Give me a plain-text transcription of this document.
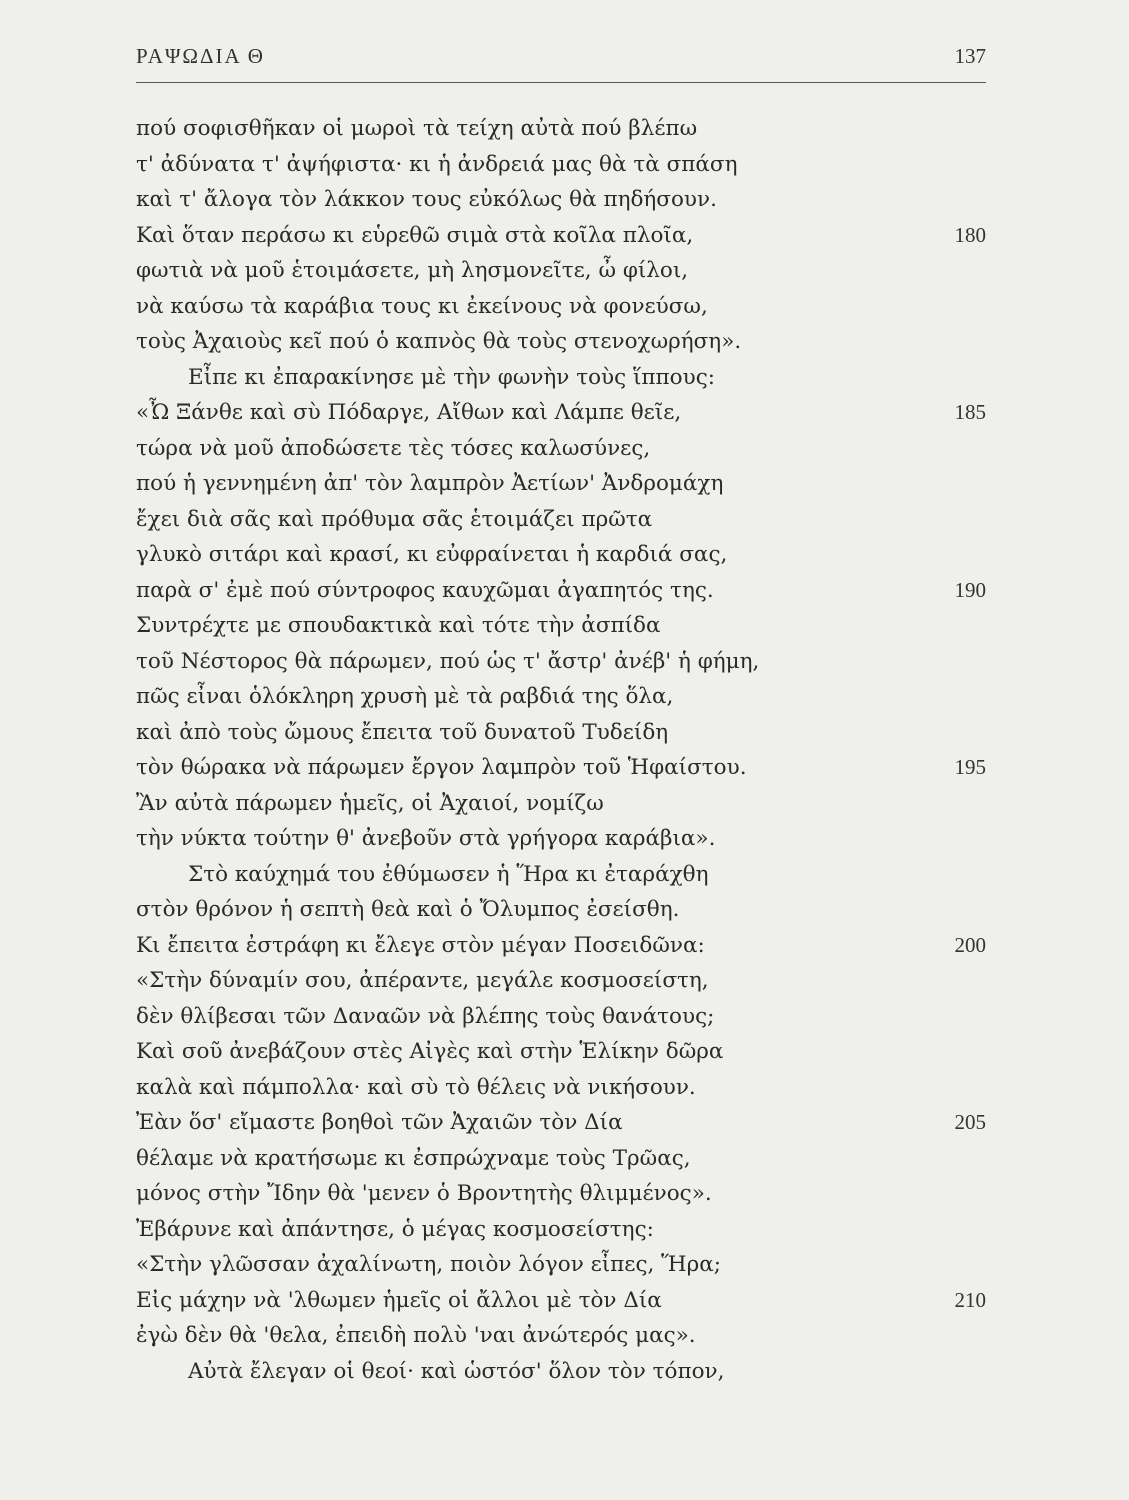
ΡΑΨΩΔΙΑ Θ	137
πού σοφισθῆκαν οἱ μωροὶ τὰ τείχη αὐτὰ πού βλέπω
τ' ἀδύνατα τ' ἀψήφιστα· κι ἡ ἀνδρειά μας θὰ τὰ σπάση
καὶ τ' ἄλογα τὸν λάκκον τους εὐκόλως θὰ πηδήσουν.
Καὶ ὅταν περάσω κι εὑρεθῶ σιμὰ στὰ κοῖλα πλοῖα,	180
φωτιὰ νὰ μοῦ ἑτοιμάσετε, μὴ λησμονεῖτε, ὦ φίλοι,
νὰ καύσω τὰ καράβια τους κι ἐκείνους νὰ φονεύσω,
τοὺς Ἀχαιοὺς κεῖ πού ὁ καπνὸς θὰ τοὺς στενοχωρήση».
Εἶπε κι ἐπαρακίνησε μὲ τὴν φωνὴν τοὺς ἵππους:
«Ὦ Ξάνθε καὶ σὺ Πόδαργε, Αἴθων καὶ Λάμπε θεῖε,	185
τώρα νὰ μοῦ ἀποδώσετε τὲς τόσες καλωσύνες,
πού ἡ γεννημένη ἀπ' τὸν λαμπρὸν Ἀετίων' Ἀνδρομάχη
ἔχει διὰ σᾶς καὶ πρόθυμα σᾶς ἑτοιμάζει πρῶτα
γλυκὸ σιτάρι καὶ κρασί, κι εὐφραίνεται ἡ καρδιά σας,
παρὰ σ' ἐμὲ πού σύντροφος καυχῶμαι ἀγαπητός της.	190
Συντρέχτε με σπουδακτικὰ καὶ τότε τὴν ἀσπίδα
τοῦ Νέστορος θὰ πάρωμεν, πού ὡς τ' ἄστρ' ἀνέβ' ἡ φήμη,
πῶς εἶναι ὁλόκληρη χρυσὴ μὲ τὰ ραβδιά της ὅλα,
καὶ ἀπὸ τοὺς ὤμους ἔπειτα τοῦ δυνατοῦ Τυδείδη
τὸν θώρακα νὰ πάρωμεν ἔργον λαμπρὸν τοῦ Ἡφαίστου.	195
Ἂν αὐτὰ πάρωμεν ἡμεῖς, οἱ Ἀχαιοί, νομίζω
τὴν νύκτα τούτην θ' ἀνεβοῦν στὰ γρήγορα καράβια».
Στὸ καύχημά του ἐθύμωσεν ἡ Ἥρα κι ἐταράχθη
στὸν θρόνον ἡ σεπτὴ θεὰ καὶ ὁ Ὄλυμπος ἐσείσθη.
Κι ἔπειτα ἐστράφη κι ἔλεγε στὸν μέγαν Ποσειδῶνα:	200
«Στὴν δύναμίν σου, ἀπέραντε, μεγάλε κοσμοσείστη,
δὲν θλίβεσαι τῶν Δαναῶν νὰ βλέπης τοὺς θανάτους;
Καὶ σοῦ ἀνεβάζουν στὲς Αἰγὲς καὶ στὴν Ἑλίκην δῶρα
καλὰ καὶ πάμπολλα· καὶ σὺ τὸ θέλεις νὰ νικήσουν.
Ἐὰν ὅσ' εἴμαστε βοηθοὶ τῶν Ἀχαιῶν τὸν Δία	205
θέλαμε νὰ κρατήσωμε κι ἐσπρώχναμε τοὺς Τρῶας,
μόνος στὴν Ἴδην θὰ 'μενεν ὁ Βροντητὴς θλιμμένος».
Ἐβάρυνε καὶ ἀπάντησε, ὁ μέγας κοσμοσείστης:
«Στὴν γλῶσσαν ἀχαλίνωτη, ποιὸν λόγον εἶπες, Ἥρα;
Εἰς μάχην νὰ 'λθωμεν ἡμεῖς οἱ ἄλλοι μὲ τὸν Δία	210
ἐγὼ δὲν θὰ 'θελα, ἐπειδὴ πολὺ 'ναι ἀνώτερός μας».
Αὐτὰ ἔλεγαν οἱ θεοί· καὶ ὡστόσ' ὅλον τὸν τόπον,
